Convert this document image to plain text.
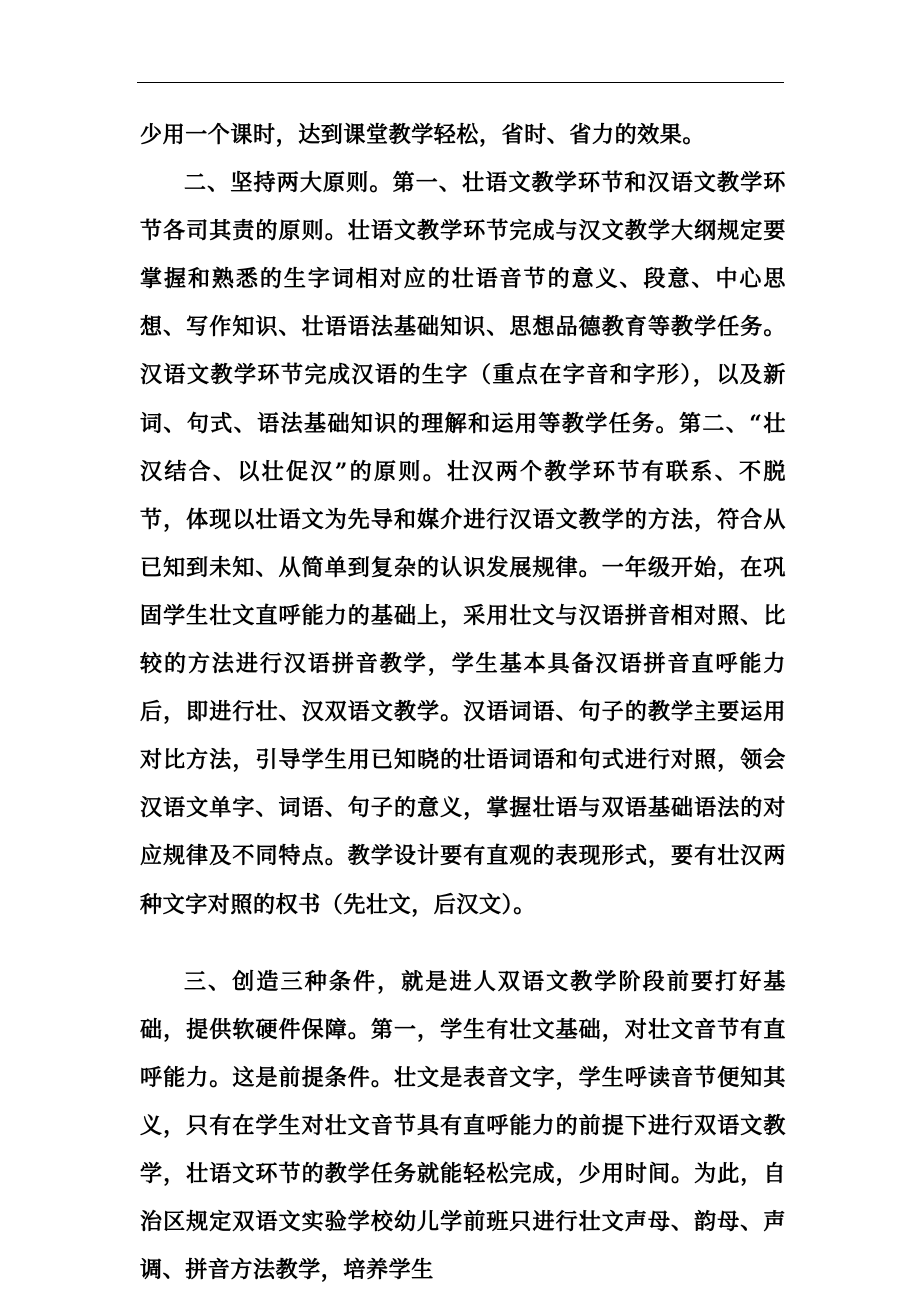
少用一个课时，达到课堂教学轻松，省时、省力的效果。

二、坚持两大原则。第一、壮语文教学环节和汉语文教学环节各司其责的原则。壮语文教学环节完成与汉文教学大纲规定要掌握和熟悉的生字词相对应的壮语音节的意义、段意、中心思想、写作知识、壮语语法基础知识、思想品德教育等教学任务。汉语文教学环节完成汉语的生字（重点在字音和字形），以及新词、句式、语法基础知识的理解和运用等教学任务。第二、“壮汉结合、以壮促汉”的原则。壮汉两个教学环节有联系、不脱节，体现以壮语文为先导和媒介进行汉语文教学的方法，符合从已知到未知、从简单到复杂的认识发展规律。一年级开始，在巩固学生壮文直呼能力的基础上，采用壮文与汉语拼音相对照、比较的方法进行汉语拼音教学，学生基本具备汉语拼音直呼能力后，即进行壮、汉双语文教学。汉语词语、句子的教学主要运用对比方法，引导学生用已知晓的壮语词语和句式进行对照，领会汉语文单字、词语、句子的意义，掌握壮语与双语基础语法的对应规律及不同特点。教学设计要有直观的表现形式，要有壮汉两种文字对照的权书（先壮文，后汉文）。

三、创造三种条件，就是进人双语文教学阶段前要打好基础，提供软硬件保障。第一，学生有壮文基础，对壮文音节有直呼能力。这是前提条件。壮文是表音文字，学生呼读音节便知其义，只有在学生对壮文音节具有直呼能力的前提下进行双语文教学，壮语文环节的教学任务就能轻松完成，少用时间。为此，自治区规定双语文实验学校幼儿学前班只进行壮文声母、韵母、声调、拼音方法教学，培养学生
